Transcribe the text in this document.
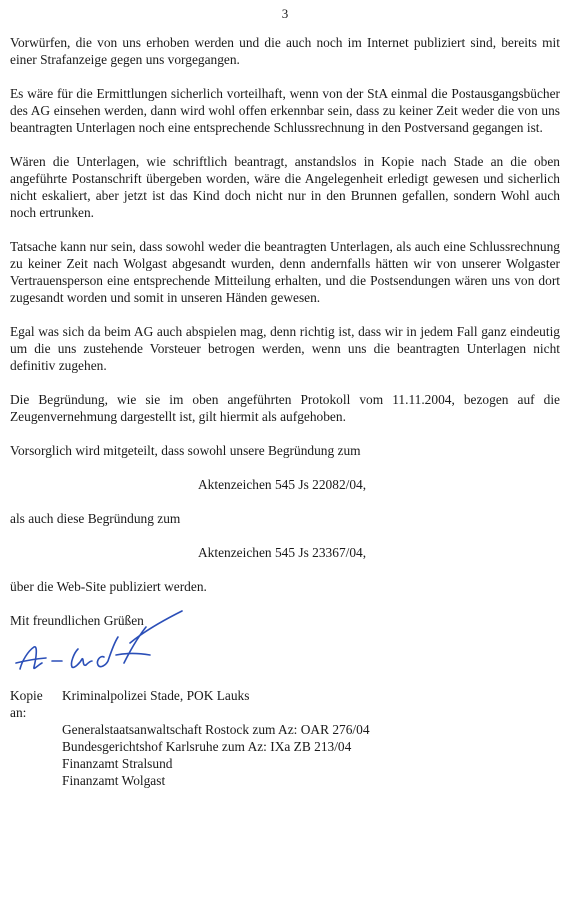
3

Vorwürfen, die von uns erhoben werden und die auch noch im Internet publiziert sind, bereits mit einer Strafanzeige gegen uns vorgegangen.

Es wäre für die Ermittlungen sicherlich vorteilhaft, wenn von der StA einmal die Postausgangsbücher des AG einsehen werden, dann wird wohl offen erkennbar sein, dass zu keiner Zeit weder die von uns beantragten Unterlagen noch eine entsprechende Schlussrechnung in den Postversand gegangen ist.

Wären die Unterlagen, wie schriftlich beantragt, anstandslos in Kopie nach Stade an die oben angeführte Postanschrift übergeben worden, wäre die Angelegenheit erledigt gewesen und sicherlich nicht eskaliert, aber jetzt ist das Kind doch nicht nur in den Brunnen gefallen, sondern Wohl auch noch ertrunken.

Tatsache kann nur sein, dass sowohl weder die beantragten Unterlagen, als auch eine Schlussrechnung zu keiner Zeit nach Wolgast abgesandt wurden, denn andernfalls hätten wir von unserer Wolgaster Vertrauensperson eine entsprechende Mitteilung erhalten, und die Postsendungen wären uns von dort zugesandt worden und somit in unseren Händen gewesen.

Egal was sich da beim AG auch abspielen mag, denn richtig ist, dass wir in jedem Fall ganz eindeutig um die uns zustehende Vorsteuer betrogen werden, wenn uns die beantragten Unterlagen nicht definitiv zugehen.

Die Begründung, wie sie im oben angeführten Protokoll vom 11.11.2004, bezogen auf die Zeugenvernehmung dargestellt ist, gilt hiermit als aufgehoben.

Vorsorglich wird mitgeteilt, dass sowohl unsere Begründung zum

Aktenzeichen 545 Js 22082/04,

als auch diese Begründung zum

Aktenzeichen 545 Js 23367/04,

über die Web-Site publiziert werden.

Mit freundlichen Grüßen

Kopie an:
Kriminalpolizei Stade, POK Lauks
Generalstaatsanwaltschaft Rostock zum Az: OAR 276/04
Bundesgerichtshof Karlsruhe zum Az: IXa ZB 213/04
Finanzamt Stralsund
Finanzamt Wolgast
